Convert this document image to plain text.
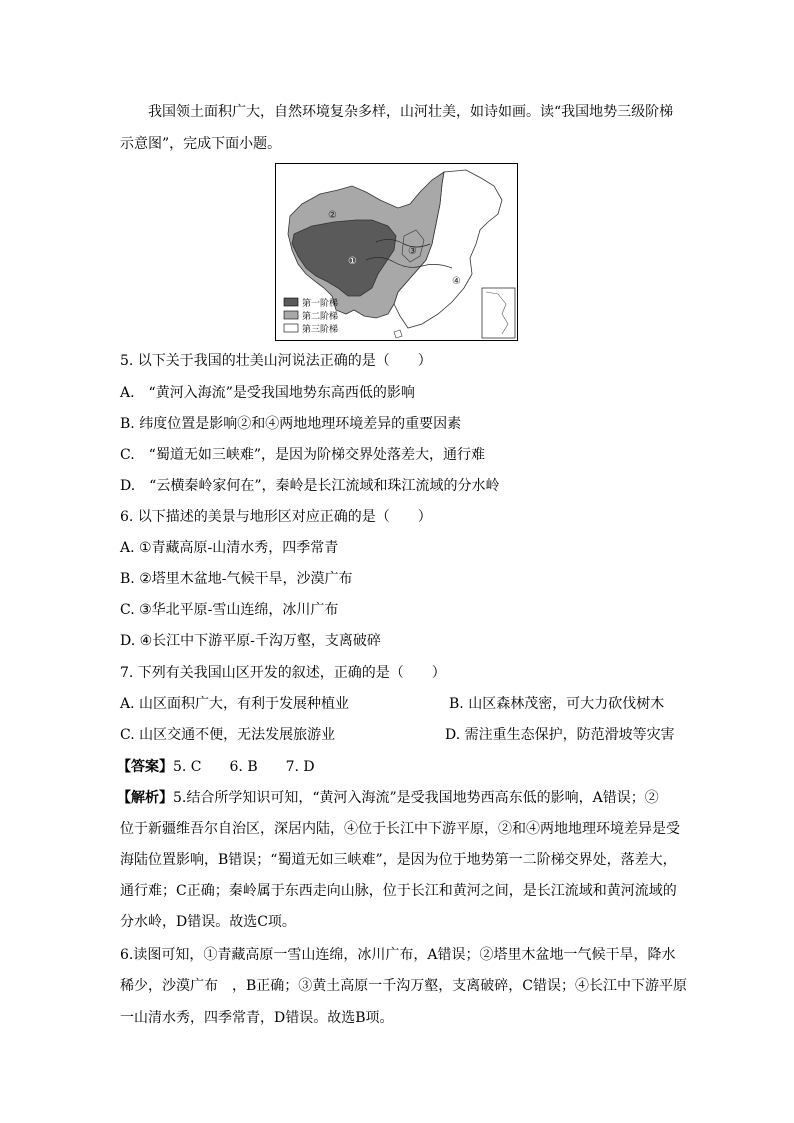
我国领土面积广大，自然环境复杂多样，山河壮美，如诗如画。读“我国地势三级阶梯
示意图”，完成下面小题。
①
②
③
④
第一阶梯
第二阶梯
第三阶梯
5. 以下关于我国的壮美山河说法正确的是（　　）
A.　“黄河入海流”是受我国地势东高西低的影响
B. 纬度位置是影响②和④两地地理环境差异的重要因素
C.　“蜀道无如三峡难”，是因为阶梯交界处落差大，通行难
D.　“云横秦岭家何在”，秦岭是长江流域和珠江流域的分水岭
6. 以下描述的美景与地形区对应正确的是（　　）
A. ①青藏高原-山清水秀，四季常青
B. ②塔里木盆地-气候干旱，沙漠广布
C. ③华北平原-雪山连绵，冰川广布
D. ④长江中下游平原-千沟万壑，支离破碎
7. 下列有关我国山区开发的叙述，正确的是（　　）
A. 山区面积广大，有利于发展种植业	B. 山区森林茂密，可大力砍伐树木
C. 山区交通不便，无法发展旅游业	D. 需注重生态保护，防范滑坡等灾害
【答案】5. C　　6. B　　7. D
【解析】5.结合所学知识可知，“黄河入海流”是受我国地势西高东低的影响，A错误；②
位于新疆维吾尔自治区，深居内陆，④位于长江中下游平原，②和④两地地理环境差异是受
海陆位置影响，B错误；“蜀道无如三峡难”，是因为位于地势第一二阶梯交界处，落差大，
通行难；C正确；秦岭属于东西走向山脉，位于长江和黄河之间，是长江流域和黄河流域的
分水岭，D错误。故选C项。
6.读图可知，①青藏高原一雪山连绵，冰川广布，A错误；②塔里木盆地一气候干旱，降水
稀少，沙漠广布　，B正确；③黄土高原一千沟万壑，支离破碎，C错误；④长江中下游平原
一山清水秀，四季常青，D错误。故选B项。
